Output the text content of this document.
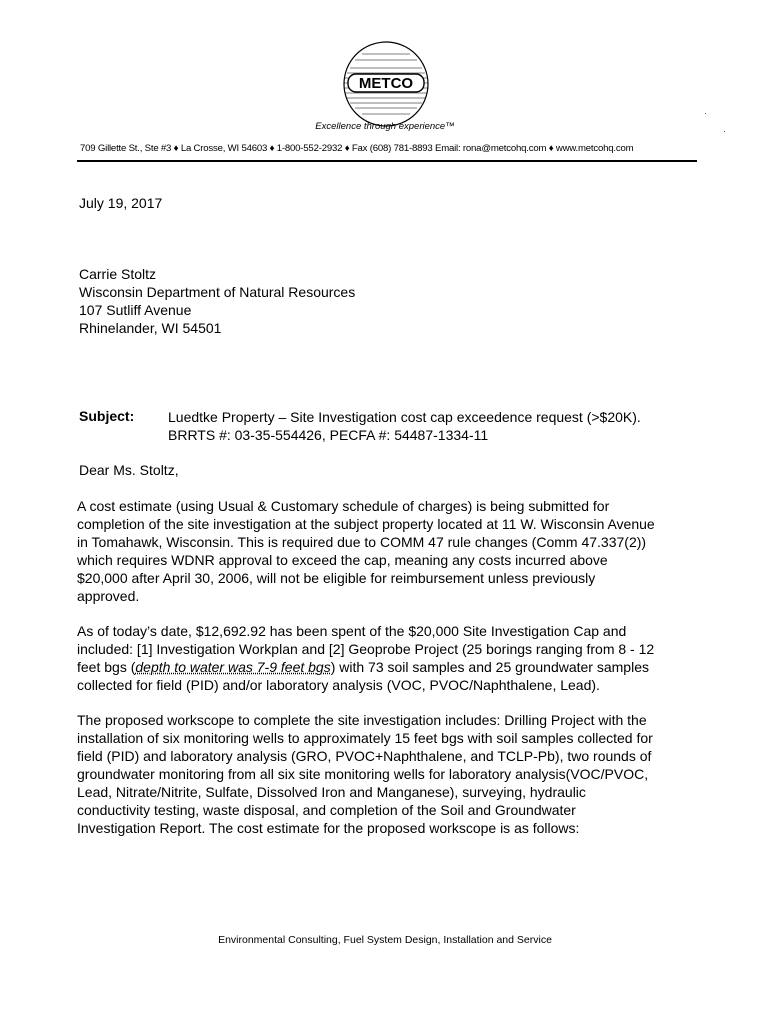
METCO
Excellence through experience™
709 Gillette St., Ste #3 ♦ La Crosse, WI 54603 ♦ 1-800-552-2932 ♦ Fax (608) 781-8893 Email: rona@metcohq.com ♦ www.metcohq.com
July 19, 2017
Carrie Stoltz
Wisconsin Department of Natural Resources
107 Sutliff Avenue
Rhinelander, WI 54501
Subject: Luedtke Property – Site Investigation cost cap exceedence request (>$20K).
BRRTS #: 03-35-554426, PECFA #: 54487-1334-11
Dear Ms. Stoltz,
A cost estimate (using Usual & Customary schedule of charges) is being submitted for
completion of the site investigation at the subject property located at 11 W. Wisconsin Avenue
in Tomahawk, Wisconsin. This is required due to COMM 47 rule changes (Comm 47.337(2))
which requires WDNR approval to exceed the cap, meaning any costs incurred above
$20,000 after April 30, 2006, will not be eligible for reimbursement unless previously
approved.
As of today’s date, $12,692.92 has been spent of the $20,000 Site Investigation Cap and
included: [1] Investigation Workplan and [2] Geoprobe Project (25 borings ranging from 8 - 12
feet bgs (depth to water was 7-9 feet bgs) with 73 soil samples and 25 groundwater samples
collected for field (PID) and/or laboratory analysis (VOC, PVOC/Naphthalene, Lead).
The proposed workscope to complete the site investigation includes: Drilling Project with the
installation of six monitoring wells to approximately 15 feet bgs with soil samples collected for
field (PID) and laboratory analysis (GRO, PVOC+Naphthalene, and TCLP-Pb), two rounds of
groundwater monitoring from all six site monitoring wells for laboratory analysis(VOC/PVOC,
Lead, Nitrate/Nitrite, Sulfate, Dissolved Iron and Manganese), surveying, hydraulic
conductivity testing, waste disposal, and completion of the Soil and Groundwater
Investigation Report. The cost estimate for the proposed workscope is as follows:
Environmental Consulting, Fuel System Design, Installation and Service
